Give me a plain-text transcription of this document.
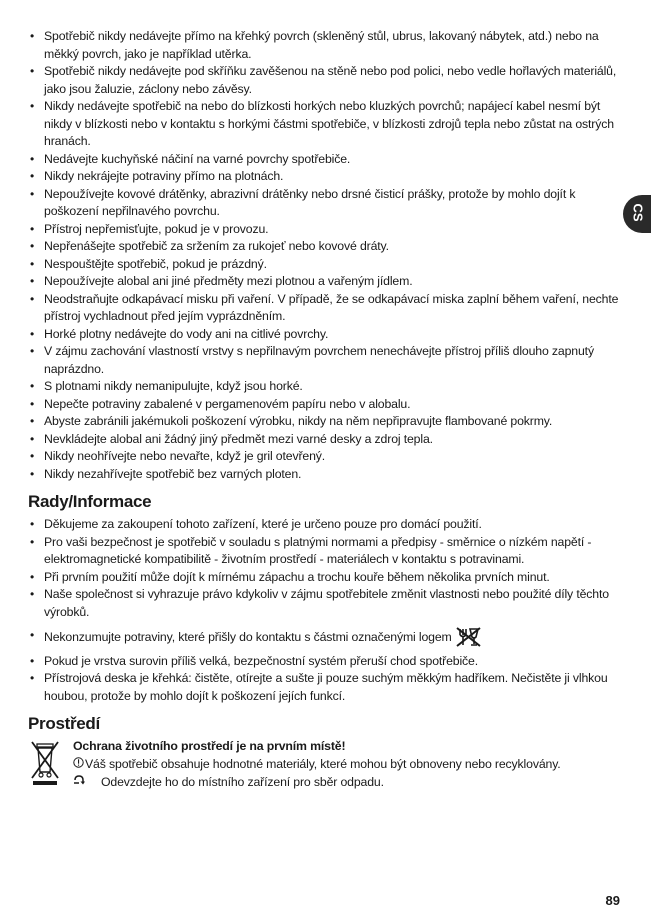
• Spotřebič nikdy nedávejte přímo na křehký povrch (skleněný stůl, ubrus, lakovaný nábytek, atd.) nebo na měkký povrch, jako je například utěrka.
• Spotřebič nikdy nedávejte pod skříňku zavěšenou na stěně nebo pod polici, nebo vedle hořlavých materiálů, jako jsou žaluzie, záclony nebo závěsy.
• Nikdy nedávejte spotřebič na nebo do blízkosti horkých nebo kluzkých povrchů; napájecí kabel nesmí být nikdy v blízkosti nebo v kontaktu s horkými částmi spotřebiče, v blízkosti zdrojů tepla nebo zůstat na ostrých hranách.
• Nedávejte kuchyňské náčiní na varné povrchy spotřebiče.
• Nikdy nekrájejte potraviny přímo na plotnách.
• Nepoužívejte kovové drátěnky, abrazivní drátěnky nebo drsné čisticí prášky, protože by mohlo dojít k poškození nepřilnavého povrchu.
• Přístroj nepřemisťujte, pokud je v provozu.
• Nepřenášejte spotřebič za sržením za rukojeť nebo kovové dráty.
• Nespouštějte spotřebič, pokud je prázdný.
• Nepoužívejte alobal ani jiné předměty mezi plotnou a vařeným jídlem.
• Neodstraňujte odkapávací misku při vaření. V případě, že se odkapávací miska zaplní během vaření, nechte přístroj vychladnout před jejím vyprázdněním.
• Horké plotny nedávejte do vody ani na citlivé povrchy.
• V zájmu zachování vlastností vrstvy s nepřilnavým povrchem nenechávejte přístroj příliš dlouho zapnutý naprázdno.
• S plotnami nikdy nemanipulujte, když jsou horké.
• Nepečte potraviny zabalené v pergamenovém papíru nebo v alobalu.
• Abyste zabránili jakémukoli poškození výrobku, nikdy na něm nepřipravujte flambované pokrmy.
• Nevkládejte alobal ani žádný jiný předmět mezi varné desky a zdroj tepla.
• Nikdy neohřívejte nebo nevařte, když je gril otevřený.
• Nikdy nezahřívejte spotřebič bez varných ploten.
Rady/Informace
• Děkujeme za zakoupení tohoto zařízení, které je určeno pouze pro domácí použití.
• Pro vaši bezpečnost je spotřebič v souladu s platnými normami a předpisy - směrnice o nízkém napětí - elektromagnetické kompatibilitě - životním prostředí - materiálech v kontaktu s potravinami.
• Při prvním použití může dojít k mírnému zápachu a trochu kouře během několika prvních minut.
• Naše společnost si vyhrazuje právo kdykoliv v zájmu spotřebitele změnit vlastnosti nebo použité díly těchto výrobků.
• Nekonzumujte potraviny, které přišly do kontaktu s částmi označenými logem
• Pokud je vrstva surovin příliš velká, bezpečnostní systém přeruší chod spotřebiče.
• Přístrojová deska je křehká: čistěte, otírejte a sušte ji pouze suchým měkkým hadříkem. Nečistěte ji vlhkou houbou, protože by mohlo dojít k poškození jejích funkcí.
Prostředí
Ochrana životního prostředí je na prvním místě!
Váš spotřebič obsahuje hodnotné materiály, které mohou být obnoveny nebo recyklovány.
Odevzdejte ho do místního zařízení pro sběr odpadu.
CS
89
